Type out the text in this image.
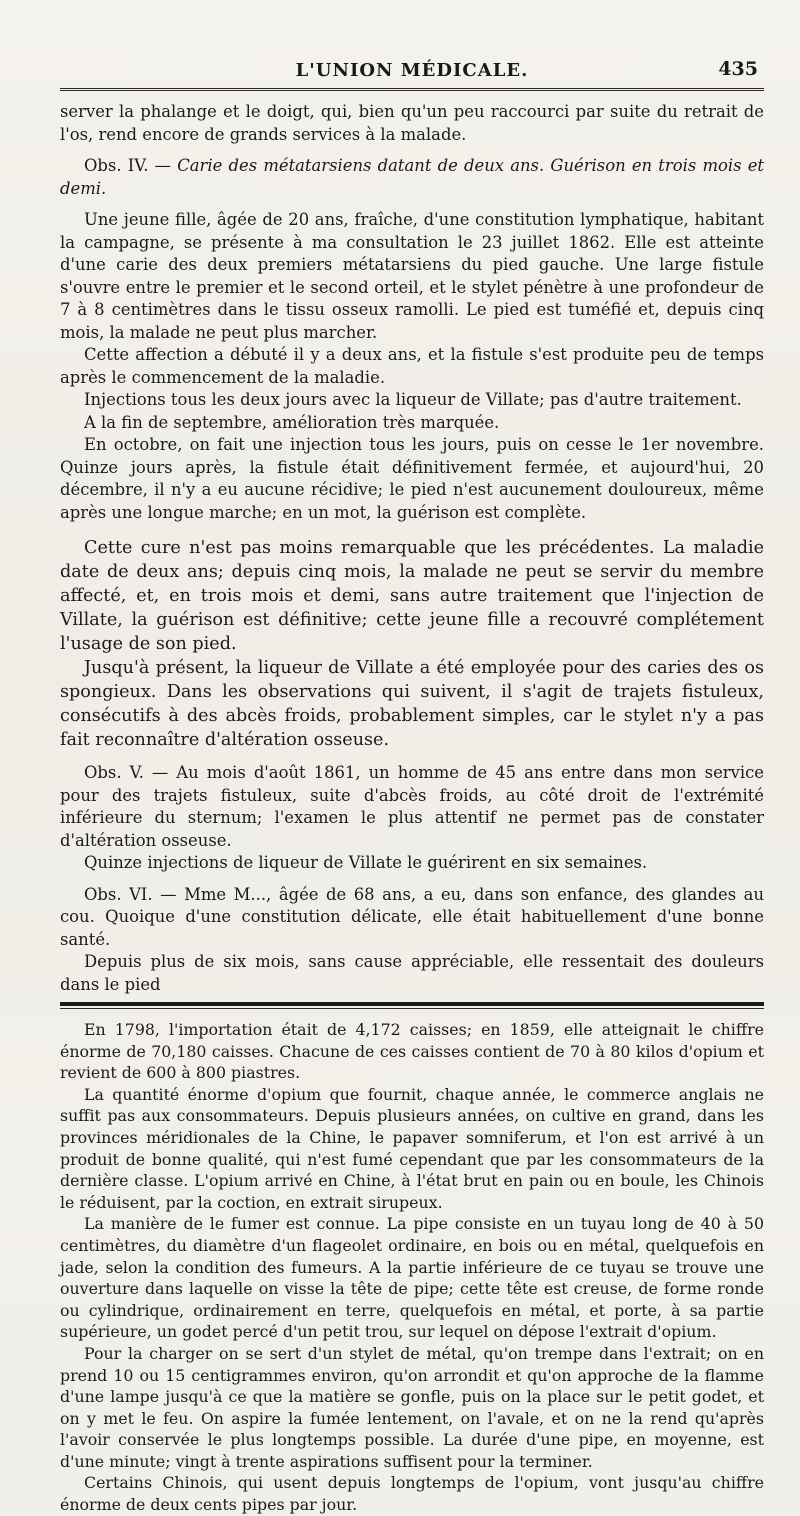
L'UNION MÉDICALE.	435

server la phalange et le doigt, qui, bien qu'un peu raccourci par suite du retrait de l'os, rend encore de grands services à la malade.

Obs. IV. — Carie des métatarsiens datant de deux ans. Guérison en trois mois et demi.

Une jeune fille, âgée de 20 ans, fraîche, d'une constitution lymphatique, habitant la campagne, se présente à ma consultation le 23 juillet 1862. Elle est atteinte d'une carie des deux premiers métatarsiens du pied gauche. Une large fistule s'ouvre entre le premier et le second orteil, et le stylet pénètre à une profondeur de 7 à 8 centimètres dans le tissu osseux ramolli. Le pied est tuméfié et, depuis cinq mois, la malade ne peut plus marcher.

Cette affection a débuté il y a deux ans, et la fistule s'est produite peu de temps après le commencement de la maladie.

Injections tous les deux jours avec la liqueur de Villate; pas d'autre traitement.

A la fin de septembre, amélioration très marquée.

En octobre, on fait une injection tous les jours, puis on cesse le 1er novembre. Quinze jours après, la fistule était définitivement fermée, et aujourd'hui, 20 décembre, il n'y a eu aucune récidive; le pied n'est aucunement douloureux, même après une longue marche; en un mot, la guérison est complète.

Cette cure n'est pas moins remarquable que les précédentes. La maladie date de deux ans; depuis cinq mois, la malade ne peut se servir du membre affecté, et, en trois mois et demi, sans autre traitement que l'injection de Villate, la guérison est définitive; cette jeune fille a recouvré complétement l'usage de son pied.

Jusqu'à présent, la liqueur de Villate a été employée pour des caries des os spongieux. Dans les observations qui suivent, il s'agit de trajets fistuleux, consécutifs à des abcès froids, probablement simples, car le stylet n'y a pas fait reconnaître d'altération osseuse.

Obs. V. — Au mois d'août 1861, un homme de 45 ans entre dans mon service pour des trajets fistuleux, suite d'abcès froids, au côté droit de l'extrémité inférieure du sternum; l'examen le plus attentif ne permet pas de constater d'altération osseuse.

Quinze injections de liqueur de Villate le guérirent en six semaines.

Obs. VI. — Mme M..., âgée de 68 ans, a eu, dans son enfance, des glandes au cou. Quoique d'une constitution délicate, elle était habituellement d'une bonne santé.

Depuis plus de six mois, sans cause appréciable, elle ressentait des douleurs dans le pied

En 1798, l'importation était de 4,172 caisses; en 1859, elle atteignait le chiffre énorme de 70,180 caisses. Chacune de ces caisses contient de 70 à 80 kilos d'opium et revient de 600 à 800 piastres.

La quantité énorme d'opium que fournit, chaque année, le commerce anglais ne suffit pas aux consommateurs. Depuis plusieurs années, on cultive en grand, dans les provinces méridionales de la Chine, le papaver somniferum, et l'on est arrivé à un produit de bonne qualité, qui n'est fumé cependant que par les consommateurs de la dernière classe. L'opium arrivé en Chine, à l'état brut en pain ou en boule, les Chinois le réduisent, par la coction, en extrait sirupeux.

La manière de le fumer est connue. La pipe consiste en un tuyau long de 40 à 50 centimètres, du diamètre d'un flageolet ordinaire, en bois ou en métal, quelquefois en jade, selon la condition des fumeurs. A la partie inférieure de ce tuyau se trouve une ouverture dans laquelle on visse la tête de pipe; cette tête est creuse, de forme ronde ou cylindrique, ordinairement en terre, quelquefois en métal, et porte, à sa partie supérieure, un godet percé d'un petit trou, sur lequel on dépose l'extrait d'opium.

Pour la charger on se sert d'un stylet de métal, qu'on trempe dans l'extrait; on en prend 10 ou 15 centigrammes environ, qu'on arrondit et qu'on approche de la flamme d'une lampe jusqu'à ce que la matière se gonfle, puis on la place sur le petit godet, et on y met le feu. On aspire la fumée lentement, on l'avale, et on ne la rend qu'après l'avoir conservée le plus longtemps possible. La durée d'une pipe, en moyenne, est d'une minute; vingt à trente aspirations suffisent pour la terminer.

Certains Chinois, qui usent depuis longtemps de l'opium, vont jusqu'au chiffre énorme de deux cents pipes par jour.
